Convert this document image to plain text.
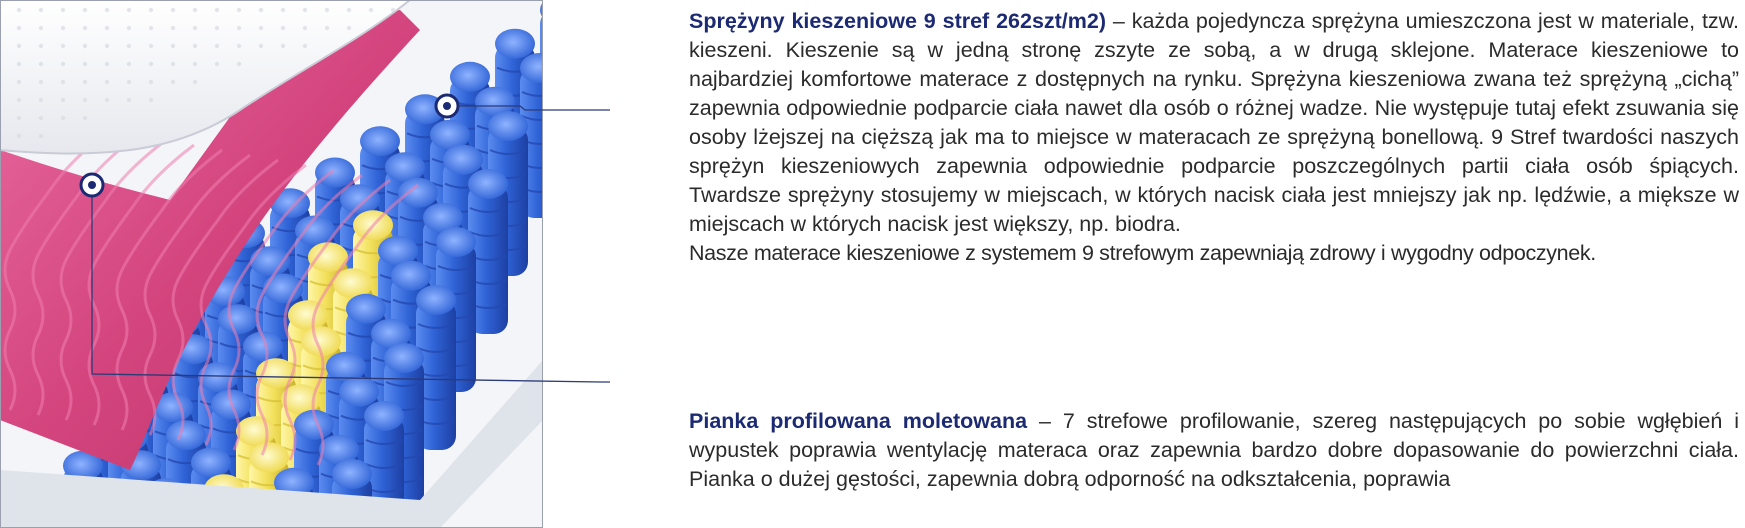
Sprężyny kieszeniowe 9 stref 262szt/m2) – każda pojedyncza sprężyna umieszczona jest w materiale, tzw. kieszeni. Kieszenie są w jedną stronę zszyte ze sobą, a w drugą sklejone. Materace kieszeniowe to najbardziej komfortowe materace z dostępnych na rynku. Sprężyna kieszeniowa zwana też sprężyną „cichą” zapewnia odpowiednie podparcie ciała nawet dla osób o różnej wadze. Nie występuje tutaj efekt zsuwania się osoby lżejszej na cięższą jak ma to miejsce w materacach ze sprężyną bonellową. 9 Stref twardości naszych sprężyn kieszeniowych zapewnia odpowiednie podparcie poszczególnych partii ciała osób śpiących. Twardsze sprężyny stosujemy w miejscach, w których nacisk ciała jest mniejszy jak np. lędźwie, a miększe w miejscach w których nacisk jest większy, np. biodra.

Nasze materace kieszeniowe z systemem 9 strefowym zapewniają zdrowy i wygodny odpoczynek.

Pianka profilowana moletowana – 7 strefowe profilowanie, szereg następujących po sobie wgłębień i wypustek poprawia wentylację materaca oraz zapewnia bardzo dobre dopasowanie do powierzchni ciała. Pianka o dużej gęstości, zapewnia dobrą odporność na odkształcenia, poprawia
